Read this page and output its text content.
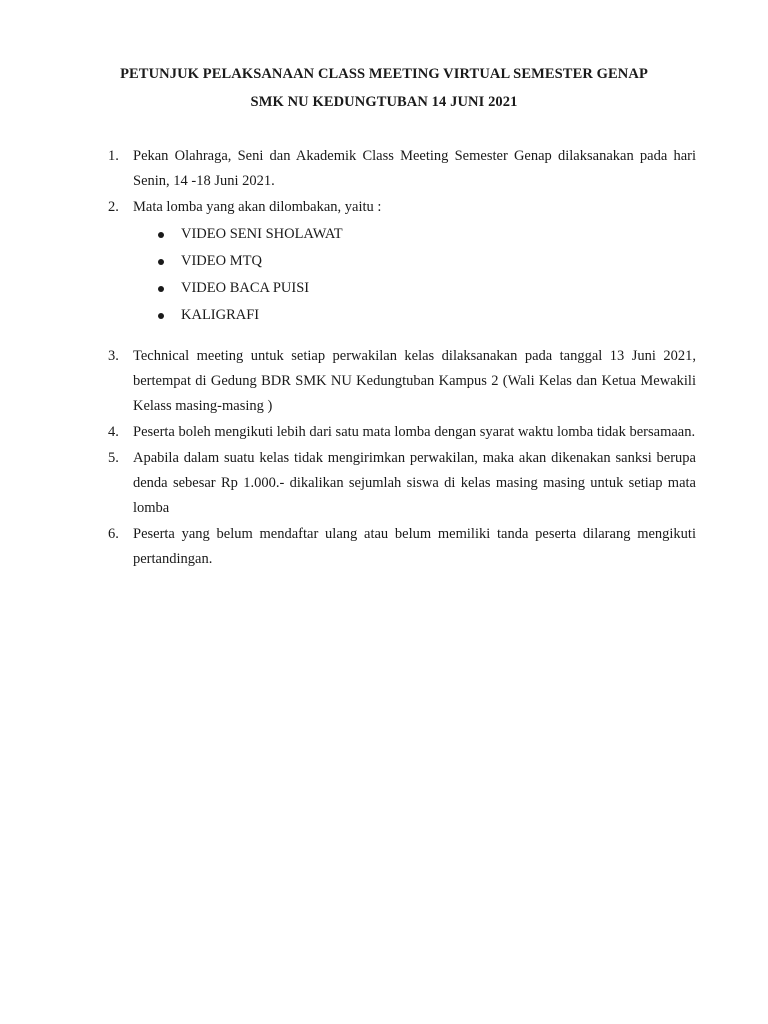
PETUNJUK PELAKSANAAN CLASS MEETING VIRTUAL SEMESTER GENAP
SMK NU KEDUNGTUBAN 14 JUNI 2021
1. Pekan Olahraga, Seni dan Akademik Class Meeting Semester Genap dilaksanakan pada hari Senin, 14 -18 Juni 2021.
2. Mata lomba yang akan dilombakan, yaitu :
VIDEO SENI SHOLAWAT
VIDEO MTQ
VIDEO BACA PUISI
KALIGRAFI
3. Technical meeting untuk setiap perwakilan kelas dilaksanakan pada tanggal 13 Juni 2021, bertempat di Gedung BDR SMK NU Kedungtuban Kampus 2 (Wali Kelas dan Ketua Mewakili Kelass masing-masing )
4. Peserta boleh mengikuti lebih dari satu mata lomba dengan syarat waktu lomba tidak bersamaan.
5. Apabila dalam suatu kelas tidak mengirimkan perwakilan, maka akan dikenakan sanksi berupa denda sebesar Rp 1.000.- dikalikan sejumlah siswa di kelas masing masing untuk setiap mata lomba
6. Peserta yang belum mendaftar ulang atau belum memiliki tanda peserta dilarang mengikuti pertandingan.
